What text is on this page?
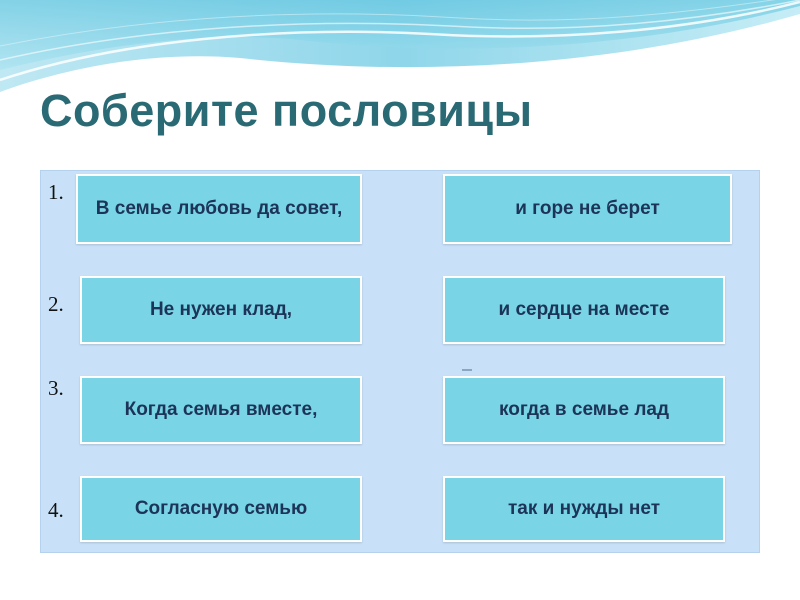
Соберите пословицы
1.
2.
3.
4.
В семье любовь да совет,
Не нужен клад,
Когда семья вместе,
Согласную семью
и горе не берет
и сердце на месте
когда в семье лад
так и нужды нет
